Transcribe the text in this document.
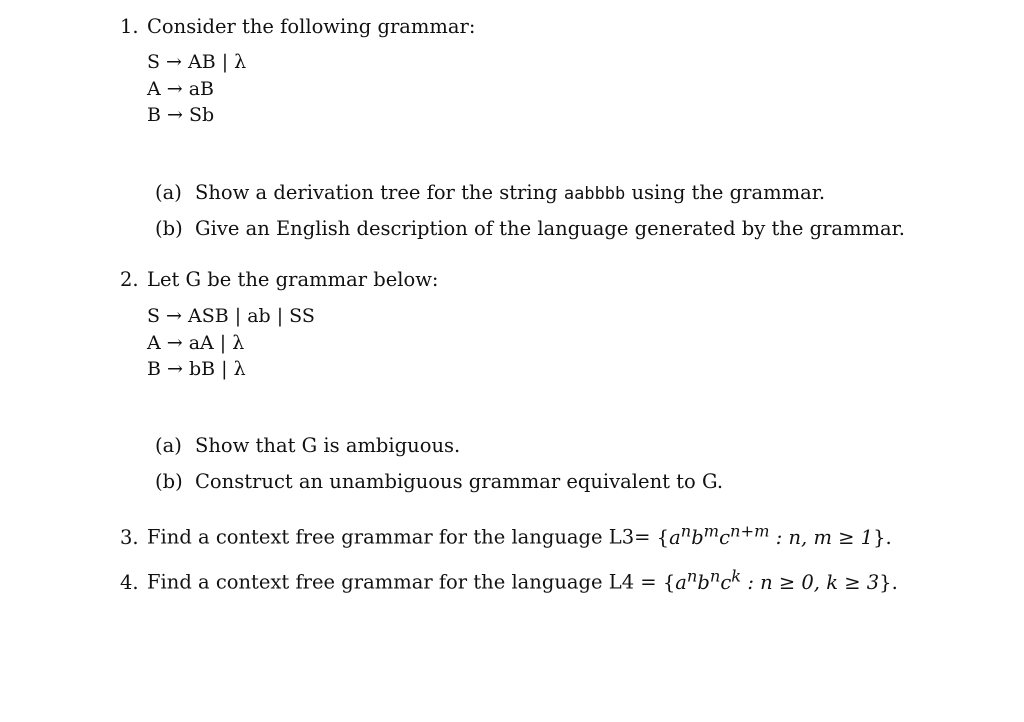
1. Consider the following grammar:
S → AB | λ
A → aB
B → Sb
(a) Show a derivation tree for the string aabbbb using the grammar.
(b) Give an English description of the language generated by the grammar.
2. Let G be the grammar below:
S → ASB | ab | SS
A → aA | λ
B → bB | λ
(a) Show that G is ambiguous.
(b) Construct an unambiguous grammar equivalent to G.
3. Find a context free grammar for the language $L3= \{a^nb^mc^{n+m}$ : n, m ≥ 1}.
4. Find a context free grammar for the language $L4 = \{a^nb^nc^k$ : n ≥ 0, k ≥ 3}.
